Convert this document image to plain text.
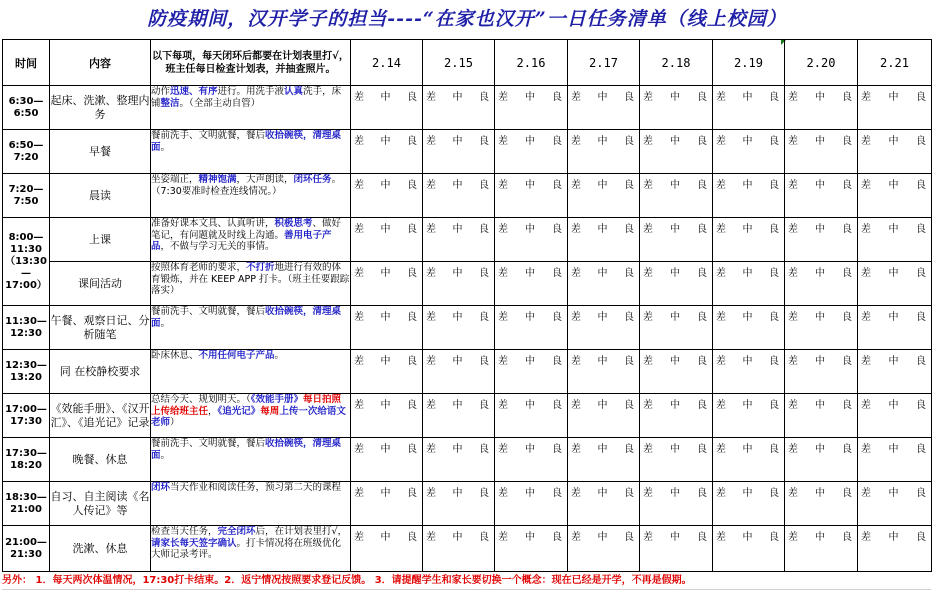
防疫期间，汉开学子的担当----“在家也汉开”一日任务清单（线上校园）
时间	内容	以下每项，每天闭环后都要在计划表里打√，班主任每日检查计划表，并抽查照片。	2.14	2.15	2.16	2.17	2.18	2.19	2.20	2.21
6:30—
6:50	起床、洗漱、整理内务	动作迅速、有序进行。用洗手液认真洗手，床铺整洁。（全部主动自管）	差 中 良	差 中 良	差 中 良	差 中 良	差 中 良	差 中 良	差 中 良	差 中 良

6:50—
7:20	早餐	餐前洗手、文明就餐，餐后收拾碗筷，清理桌面。	差 中 良	差 中 良	差 中 良	差 中 良	差 中 良	差 中 良	差 中 良	差 中 良

7:20—
7:50	晨读	坐姿端正，精神饱满，大声朗读，闭环任务。（7:30要准时检查连线情况。）	差 中 良	差 中 良	差 中 良	差 中 良	差 中 良	差 中 良	差 中 良	差 中 良

8:00—
11:30
（13:30
—
17:00）	上课	准备好课本文具、认真听讲，积极思考、做好笔记，有问题就及时线上沟通。善用电子产品，不做与学习无关的事情。	差 中 良	差 中 良	差 中 良	差 中 良	差 中 良	差 中 良	差 中 良	差 中 良

	课间活动	按照体育老师的要求，不打折地进行有效的体育锻炼，并在 KEEP APP 打卡。（班主任要跟踪落实）	差 中 良	差 中 良	差 中 良	差 中 良	差 中 良	差 中 良	差 中 良	差 中 良

11:30—
12:30	午餐、观察日记、分析随笔	餐前洗手、文明就餐，餐后收拾碗筷，清理桌面。	差 中 良	差 中 良	差 中 良	差 中 良	差 中 良	差 中 良	差 中 良	差 中 良

12:30—
13:20	同 在校静校要求	卧床休息、不用任何电子产品。	差 中 良	差 中 良	差 中 良	差 中 良	差 中 良	差 中 良	差 中 良	差 中 良

17:00—
17:30	《效能手册》、《汉开汇》、《追光记》记录	总结今天、规划明天。（《效能手册》每日拍照上传给班主任，《追光记》每周上传一次给语文老师）	差 中 良	差 中 良	差 中 良	差 中 良	差 中 良	差 中 良	差 中 良	差 中 良

17:30—
18:20	晚餐、休息	餐前洗手、文明就餐，餐后收拾碗筷，清理桌面。	差 中 良	差 中 良	差 中 良	差 中 良	差 中 良	差 中 良	差 中 良	差 中 良

18:30—
21:00	自习、自主阅读《名人传记》等	闭环当天作业和阅读任务，预习第二天的课程	差 中 良	差 中 良	差 中 良	差 中 良	差 中 良	差 中 良	差 中 良	差 中 良

21:00—
21:30	洗漱、休息	检查当天任务，完全闭环后，在计划表里打√，请家长每天签字确认。打卡情况将在班级优化大师记录考评。	差 中 良	差 中 良	差 中 良	差 中 良	差 中 良	差 中 良	差 中 良	差 中 良
另外： 1．每天两次体温情况，17:30打卡结束。2．返宁情况按照要求登记反馈。 3．请提醒学生和家长要切换一个概念：现在已经是开学，不再是假期。
